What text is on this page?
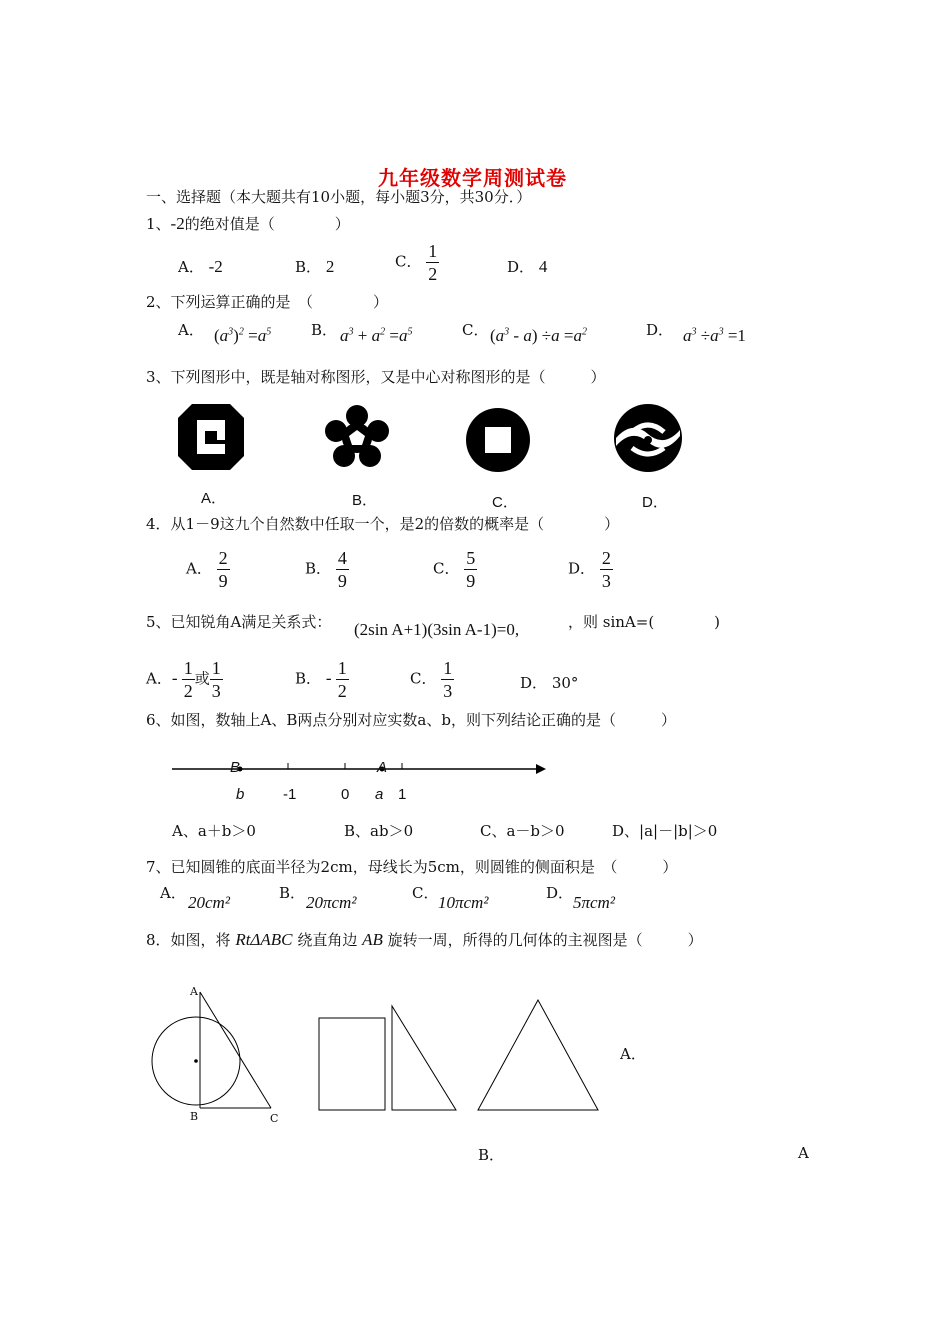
九年级数学周测试卷
一、选择题（本大题共有10小题，每小题3分，共30分．）
1、-2的绝对值是（　　　　）
A． -2	B． 2	C． $\frac{1}{2}$	D． 4
2、下列运算正确的是　（　　　　）
A． $(a^3)^2 =a^5$	B． $a^3 + a^2 =a^5$	C． $(a^3 - a) \div a =a^2$	D． $a^3 \div a^3 =1$
3、下列图形中，既是轴对称图形，又是中心对称图形的是（　　　）
A．	B．	C．	D．
4．从1－9这九个自然数中任取一个，是2的倍数的概率是（　　　　）
A． $\frac{2}{9}$	B． $\frac{4}{9}$	C． $\frac{5}{9}$	D． $\frac{2}{3}$
5、已知锐角A满足关系式： (2sin A+1)(3sin A-1)=0,	，则 sinA=(　　　　)
A．- $\frac{1}{2}$ 或 $\frac{1}{3}$	B． - $\frac{1}{2}$	C． $\frac{1}{3}$	D． 30°
6、如图，数轴上A、B两点分别对应实数a、b，则下列结论正确的是（　　　）
B	A
b	-1	0 a 1
A、a＋b＞0	B、ab＞0	C、a－b＞0	D、|a|－|b|＞0
7、已知圆锥的底面半径为2cm，母线长为5cm，则圆锥的侧面积是　（　　　）
A． 20cm²	B． 20πcm²	C． 10πcm²	D． 5πcm²
8．如图，将 RtΔABC 绕直角边 AB 旋转一周，所得的几何体的主视图是（　　　）
A
B	C
A．
B．	A
